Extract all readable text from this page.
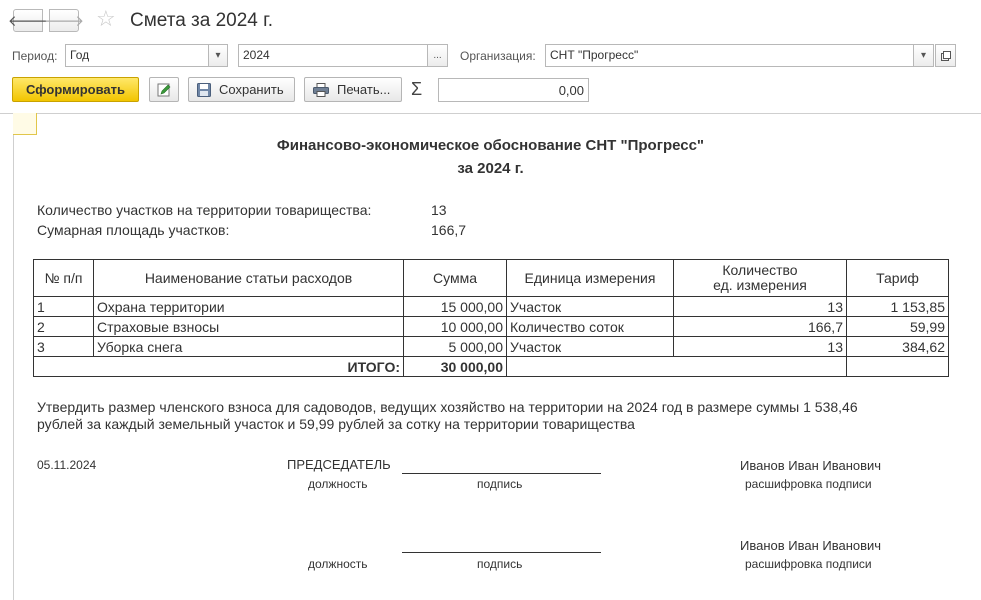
🡐
🡒 ☆ Смета за 2024 г.
Период:	Год	▾	2024	...	Организация:	СНТ "Прогресс"	▾
Сформировать	Сохранить	Печать... Σ	0,00
Финансово-экономическое обоснование СНТ "Прогресс"
за 2024 г.
Количество участков на территории товарищества:	13
Сумарная площадь участков:	166,7
№ п/п	Наименование статьи расходов	Сумма	Единица измерения	Количество
ед. измерения	Тариф
1	Охрана территории	15 000,00	Участок	13	1 153,85
2	Страховые взносы	10 000,00	Количество соток	166,7	59,99
3	Уборка снега	5 000,00	Участок	13	384,62
ИТОГО:		30 000,00			
Утвердить размер членского взноса для садоводов, ведущих хозяйство на территории на 2024 год в размере суммы 1 538,46
рублей за каждый земельный участок и 59,99 рублей за сотку на территории товарищества
05.11.2024	ПРЕДСЕДАТЕЛЬ
должность	подпись
Иванов Иван Иванович
расшифровка подписи
должность	подпись
Иванов Иван Иванович
расшифровка подписи
